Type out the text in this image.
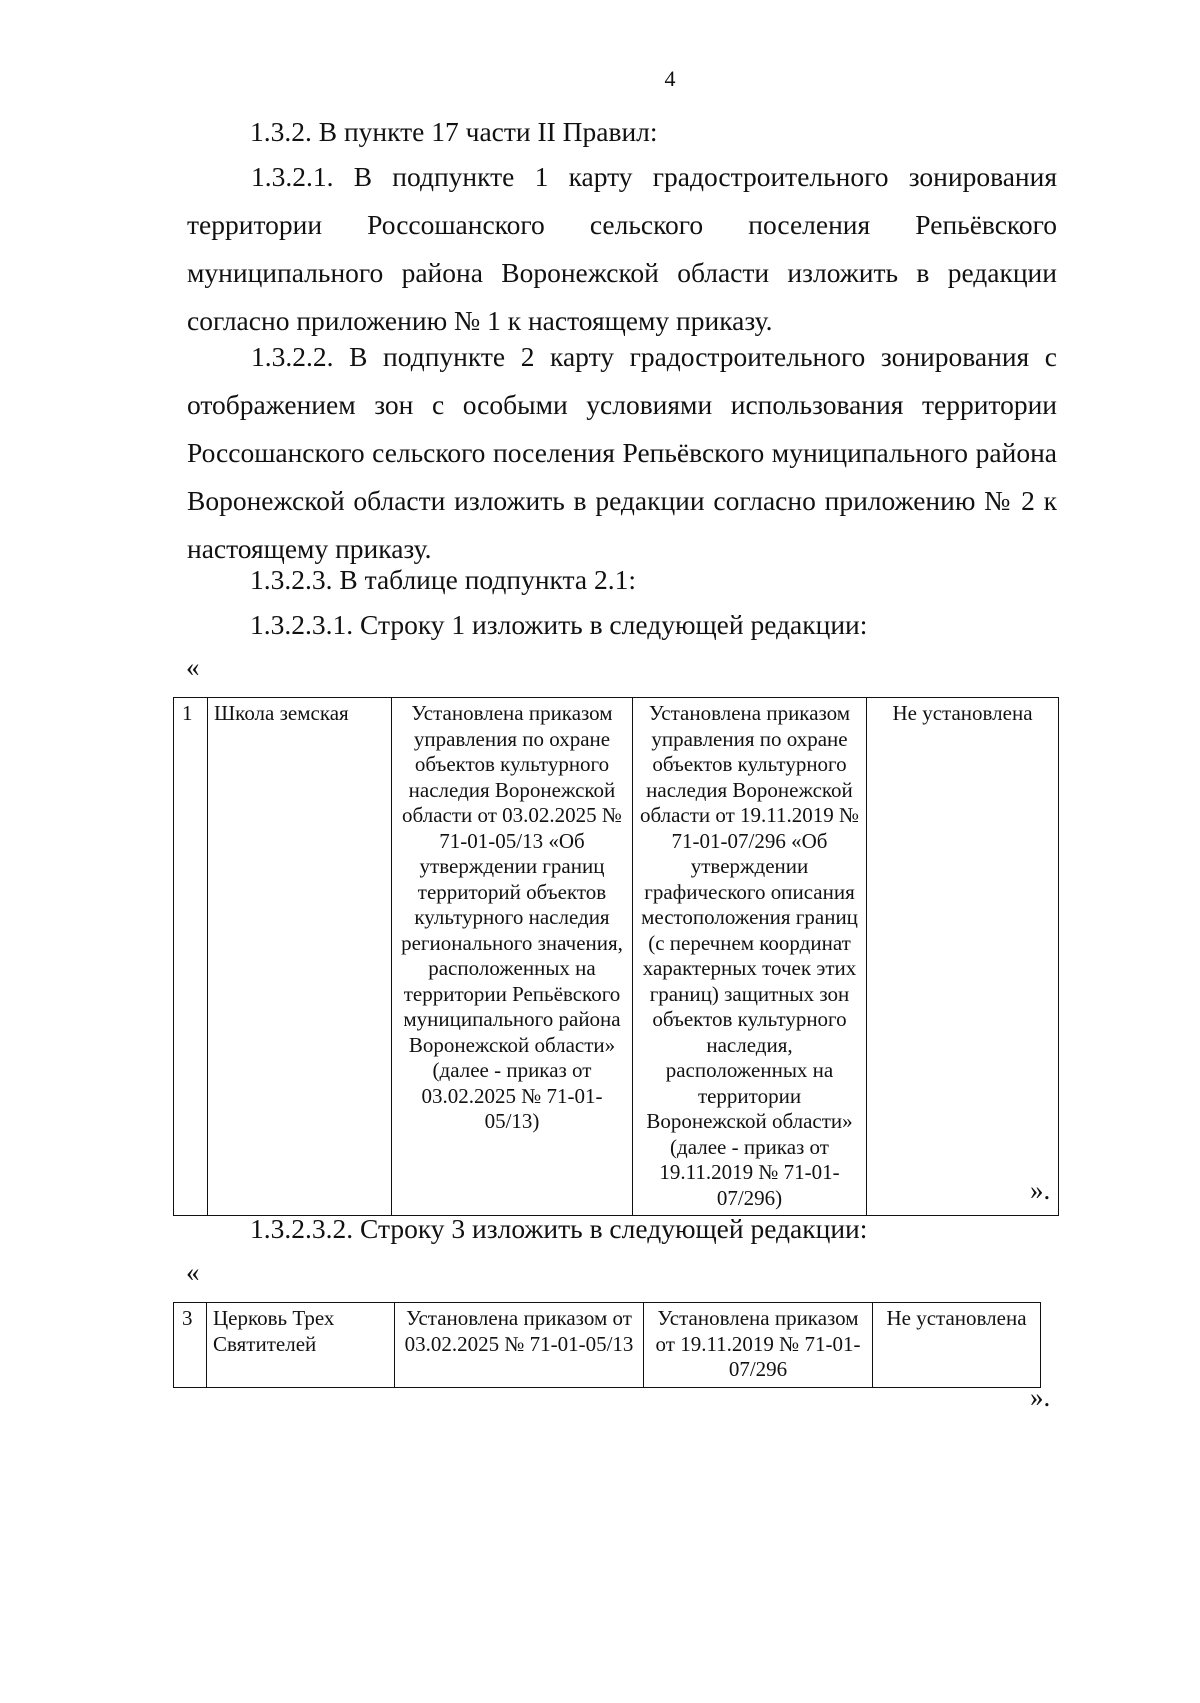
4

1.3.2. В пункте 17 части II Правил:

1.3.2.1. В подпункте 1 карту градостроительного зонирования территории Россошанского сельского поселения Репьёвского муниципального района Воронежской области изложить в редакции согласно приложению № 1 к настоящему приказу.

1.3.2.2. В подпункте 2 карту градостроительного зонирования с отображением зон с особыми условиями использования территории Россошанского сельского поселения Репьёвского муниципального района Воронежской области изложить в редакции согласно приложению № 2 к настоящему приказу.

1.3.2.3. В таблице подпункта 2.1:

1.3.2.3.1. Строку 1 изложить в следующей редакции:

«
1	Школа земская	Установлена приказом управления по охране объектов культурного наследия Воронежской области от 03.02.2025 № 71-01-05/13 «Об утверждении границ территорий объектов культурного наследия регионального значения, расположенных на территории Репьёвского муниципального района Воронежской области» (далее - приказ от 03.02.2025 № 71-01-05/13)	Установлена приказом управления по охране объектов культурного наследия Воронежской области от 19.11.2019 № 71-01-07/296 «Об утверждении графического описания местоположения границ (с перечнем координат характерных точек этих границ) защитных зон объектов культурного наследия, расположенных на территории Воронежской области» (далее - приказ от 19.11.2019 № 71-01-07/296)	Не установлена
».

1.3.2.3.2. Строку 3 изложить в следующей редакции:

«
3	Церковь Трех Святителей	Установлена приказом от 03.02.2025 № 71-01-05/13	Установлена приказом от 19.11.2019 № 71-01-07/296	Не установлена
».
